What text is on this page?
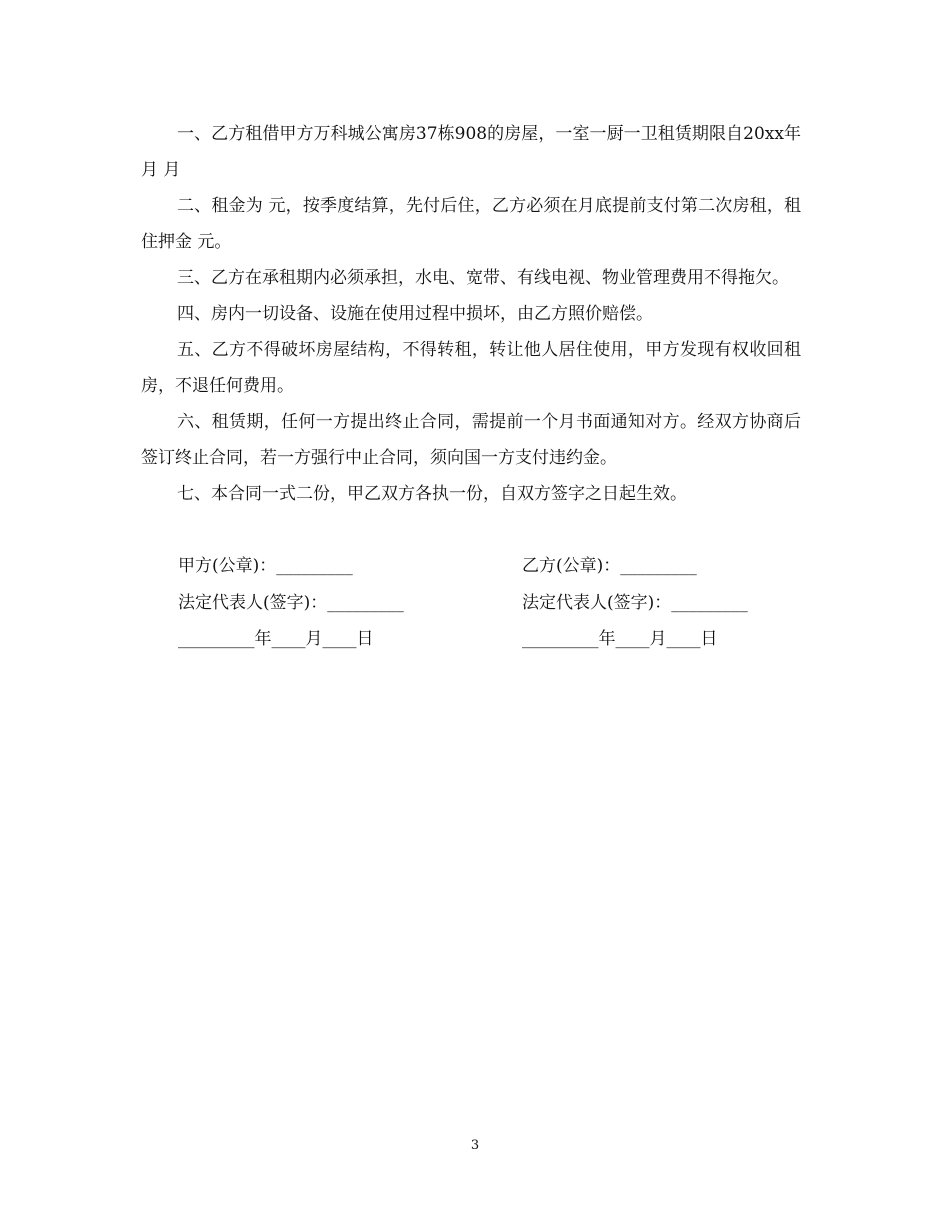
一、乙方租借甲方万科城公寓房37栋908的房屋，一室一厨一卫租赁期限自20xx年月 月

二、租金为 元，按季度结算，先付后住，乙方必须在月底提前支付第二次房租，租住押金 元。

三、乙方在承租期内必须承担，水电、宽带、有线电视、物业管理费用不得拖欠。

四、房内一切设备、设施在使用过程中损坏，由乙方照价赔偿。

五、乙方不得破坏房屋结构，不得转租，转让他人居住使用，甲方发现有权收回租房，不退任何费用。

六、租赁期，任何一方提出终止合同，需提前一个月书面通知对方。经双方协商后签订终止合同，若一方强行中止合同，须向国一方支付违约金。

七、本合同一式二份，甲乙双方各执一份，自双方签字之日起生效。

甲方(公章)：_________	乙方(公章)：_________
法定代表人(签字)：_________	法定代表人(签字)：_________
_________年____月____日	_________年____月____日
3
